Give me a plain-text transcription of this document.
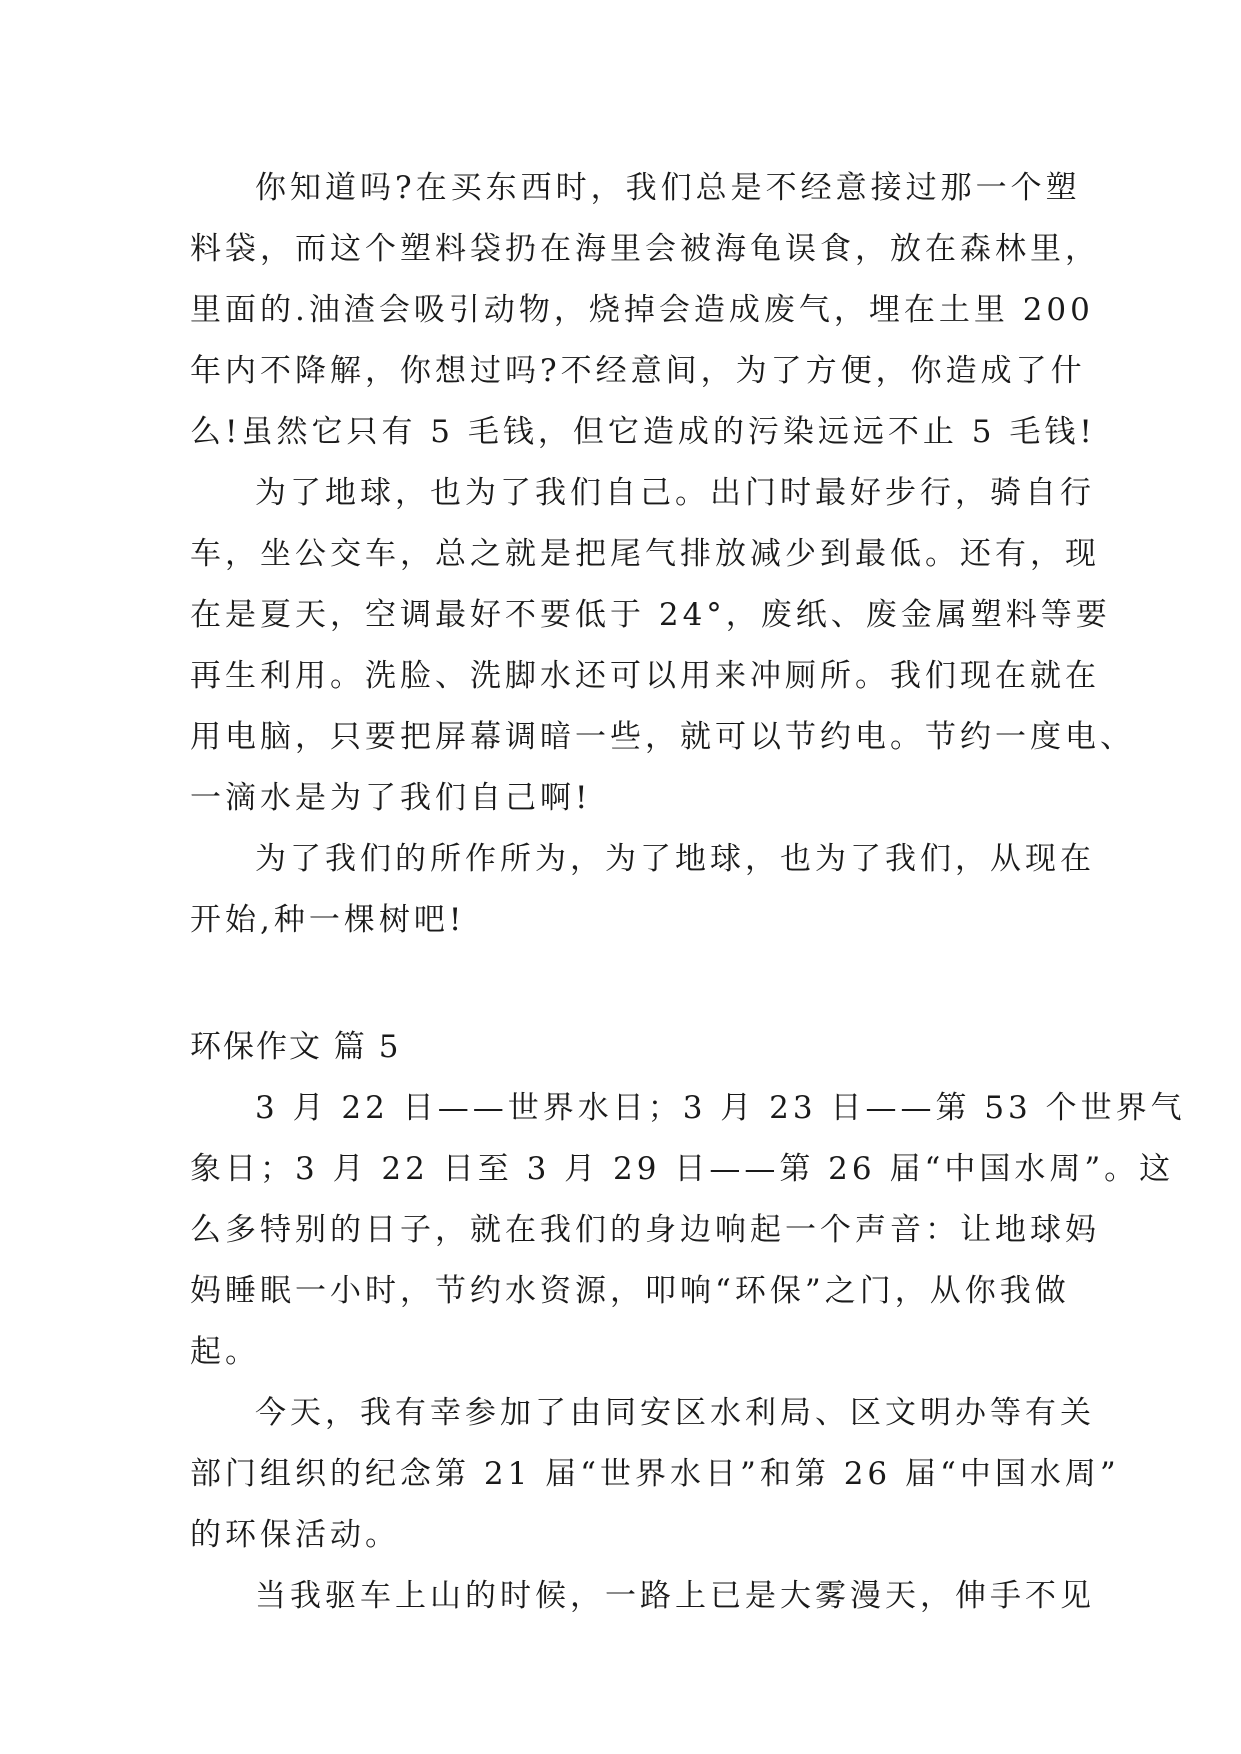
你知道吗?在买东西时，我们总是不经意接过那一个塑
料袋，而这个塑料袋扔在海里会被海龟误食，放在森林里，
里面的.油渣会吸引动物，烧掉会造成废气，埋在土里 200
年内不降解，你想过吗?不经意间，为了方便，你造成了什
么!虽然它只有 5 毛钱，但它造成的污染远远不止 5 毛钱!
为了地球，也为了我们自己。出门时最好步行，骑自行
车，坐公交车，总之就是把尾气排放减少到最低。还有，现
在是夏天，空调最好不要低于 24°，废纸、废金属塑料等要
再生利用。洗脸、洗脚水还可以用来冲厕所。我们现在就在
用电脑，只要把屏幕调暗一些，就可以节约电。节约一度电、
一滴水是为了我们自己啊!
为了我们的所作所为，为了地球，也为了我们，从现在
开始,种一棵树吧!
环保作文 篇 5
3 月 22 日——世界水日；3 月 23 日——第 53 个世界气
象日；3 月 22 日至 3 月 29 日——第 26 届“中国水周”。这
么多特别的日子，就在我们的身边响起一个声音：让地球妈
妈睡眠一小时，节约水资源，叩响“环保”之门，从你我做
起。
今天，我有幸参加了由同安区水利局、区文明办等有关
部门组织的纪念第 21 届“世界水日”和第 26 届“中国水周”
的环保活动。
当我驱车上山的时候，一路上已是大雾漫天，伸手不见
